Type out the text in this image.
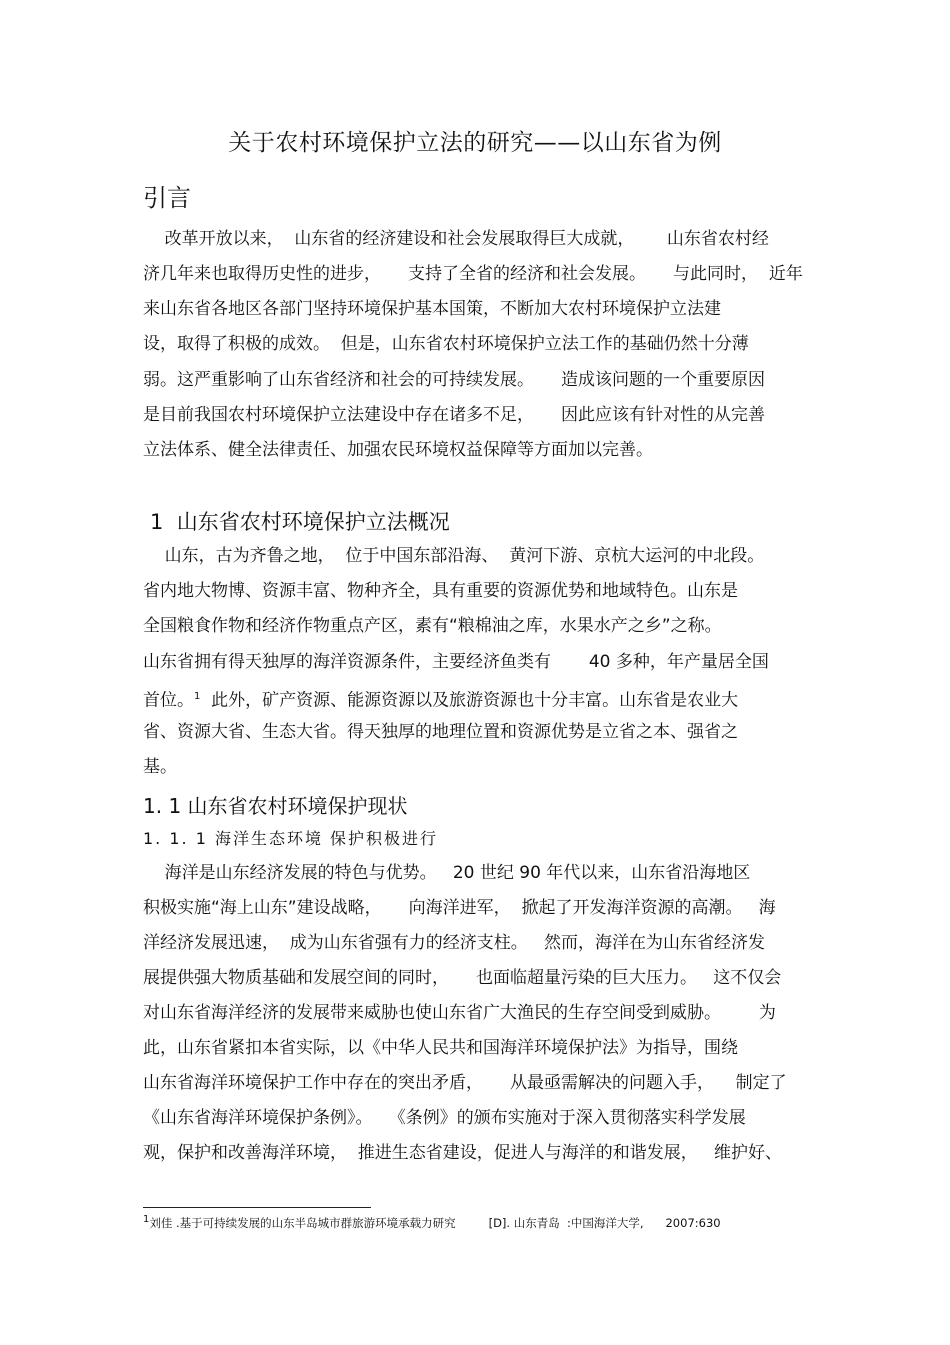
关于农村环境保护立法的研究——以山东省为例
引言
改革开放以来，  山东省的经济建设和社会发展取得巨大成就，      山东省农村经
济几年来也取得历史性的进步，     支持了全省的经济和社会发展。     与此同时，  近年
来山东省各地区各部门坚持环境保护基本国策，不断加大农村环境保护立法建
设，取得了积极的成效。  但是，山东省农村环境保护立法工作的基础仍然十分薄
弱。这严重影响了山东省经济和社会的可持续发展。     造成该问题的一个重要原因
是目前我国农村环境保护立法建设中存在诸多不足，     因此应该有针对性的从完善
立法体系、健全法律责任、加强农民环境权益保障等方面加以完善。
1  山东省农村环境保护立法概况
山东，古为齐鲁之地，  位于中国东部沿海、  黄河下游、京杭大运河的中北段。
省内地大物博、资源丰富、物种齐全，具有重要的资源优势和地域特色。山东是
全国粮食作物和经济作物重点产区，素有“粮棉油之库，水果水产之乡”之称。
山东省拥有得天独厚的海洋资源条件，主要经济鱼类有       40 多种，年产量居全国
首位。$^1$  此外，矿产资源、能源资源以及旅游资源也十分丰富。山东省是农业大
省、资源大省、生态大省。得天独厚的地理位置和资源优势是立省之本、强省之
基。
1. 1 山东省农村环境保护现状
1. 1. 1 海洋生态环境 保护积极进行
海洋是山东经济发展的特色与优势。   20 世纪 90 年代以来，山东省沿海地区
积极实施“海上山东”建设战略，     向海洋进军，  掀起了开发海洋资源的高潮。   海
洋经济发展迅速，  成为山东省强有力的经济支柱。   然而，海洋在为山东省经济发
展提供强大物质基础和发展空间的同时，     也面临超量污染的巨大压力。   这不仅会
对山东省海洋经济的发展带来威胁也使山东省广大渔民的生存空间受到威胁。       为
此，山东省紧扣本省实际，以《中华人民共和国海洋环境保护法》为指导，围绕
山东省海洋环境保护工作中存在的突出矛盾，     从最亟需解决的问题入手，    制定了
《山东省海洋环境保护条例》。   《条例》的颁布实施对于深入贯彻落实科学发展
观，保护和改善海洋环境，  推进生态省建设，促进人与海洋的和谐发展，   维护好、
$^1$刘佳 .基于可持续发展的山东半岛城市群旅游环境承载力研究         [D]. 山东青岛  :中国海洋大学,      2007:630
